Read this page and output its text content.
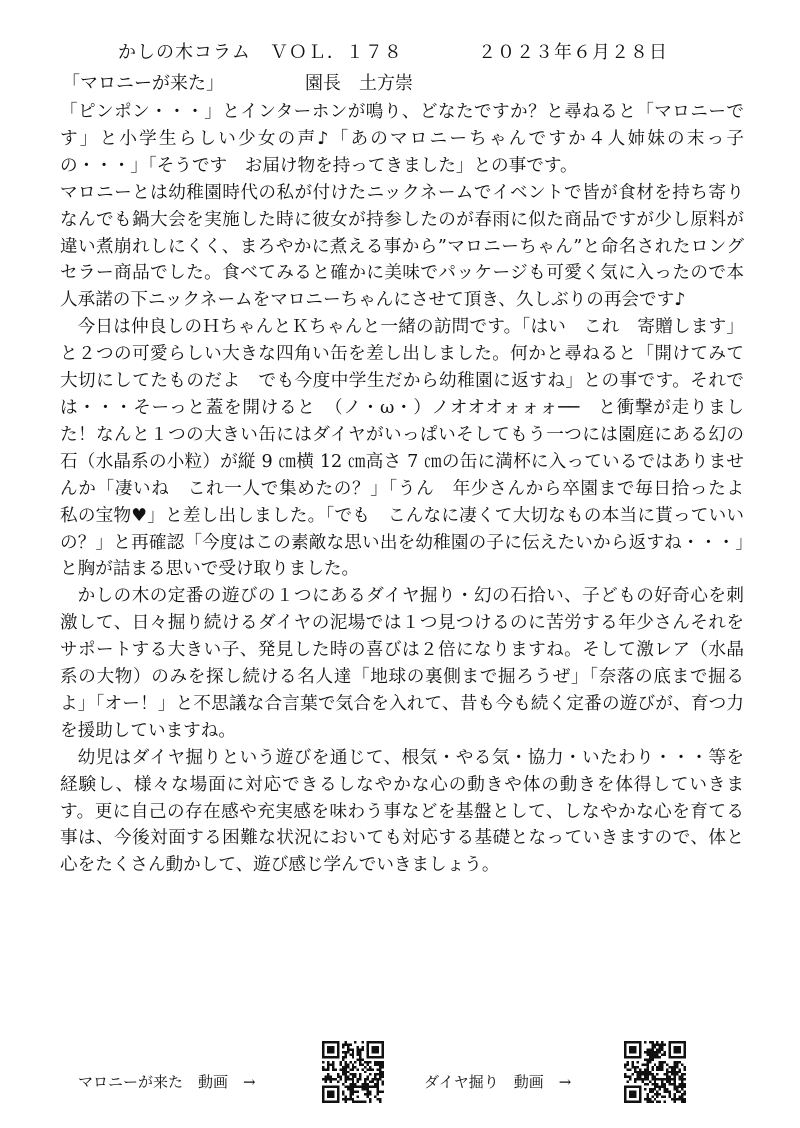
かしの木コラム　ＶＯＬ．１７８	２０２３年６月２８日
「マロニーが来た」	園長　土方崇

「ピンポン・・・」とインターホンが鳴り、どなたですか？と尋ねると「マロニーです」と小学生らしい少女の声♪「あのマロニーちゃんですか４人姉妹の末っ子の・・・」「そうです　お届け物を持ってきました」との事です。

マロニーとは幼稚園時代の私が付けたニックネームでイベントで皆が食材を持ち寄りなんでも鍋大会を実施した時に彼女が持参したのが春雨に似た商品ですが少し原料が違い煮崩れしにくく、まろやかに煮える事から”マロニーちゃん”と命名されたロングセラー商品でした。食べてみると確かに美味でパッケージも可愛く気に入ったので本人承諾の下ニックネームをマロニーちゃんにさせて頂き、久しぶりの再会です♪

今日は仲良しのＨちゃんとＫちゃんと一緒の訪問です。「はい　これ　寄贈します」と２つの可愛らしい大きな四角い缶を差し出しました。何かと尋ねると「開けてみて　大切にしてたものだよ　でも今度中学生だから幼稚園に返すね」との事です。それでは・・・そーっと蓋を開けると　（ノ・ω・）ノオオオォォォ──　と衝撃が走りました！なんと１つの大きい缶にはダイヤがいっぱいそしてもう一つには園庭にある幻の石（水晶系の小粒）が縦 9 ㎝横 12 ㎝高さ 7 ㎝の缶に満杯に入っているではありませんか「凄いね　これ一人で集めたの？」「うん　年少さんから卒園まで毎日拾ったよ　私の宝物♥」と差し出しました。「でも　こんなに凄くて大切なもの本当に貰っていいの？」と再確認「今度はこの素敵な思い出を幼稚園の子に伝えたいから返すね・・・」と胸が詰まる思いで受け取りました。

かしの木の定番の遊びの１つにあるダイヤ掘り・幻の石拾い、子どもの好奇心を刺激して、日々掘り続けるダイヤの泥場では１つ見つけるのに苦労する年少さんそれをサポートする大きい子、発見した時の喜びは２倍になりますね。そして激レア（水晶系の大物）のみを探し続ける名人達「地球の裏側まで掘ろうぜ」「奈落の底まで掘るよ」「オー！」と不思議な合言葉で気合を入れて、昔も今も続く定番の遊びが、育つ力を援助していますね。

幼児はダイヤ掘りという遊びを通じて、根気・やる気・協力・いたわり・・・等を経験し、様々な場面に対応できるしなやかな心の動きや体の動きを体得していきます。更に自己の存在感や充実感を味わう事などを基盤として、しなやかな心を育てる事は、今後対面する困難な状況においても対応する基礎となっていきますので、体と心をたくさん動かして、遊び感じ学んでいきましょう。

マロニーが来た　動画　→	ダイヤ掘り　動画　→
